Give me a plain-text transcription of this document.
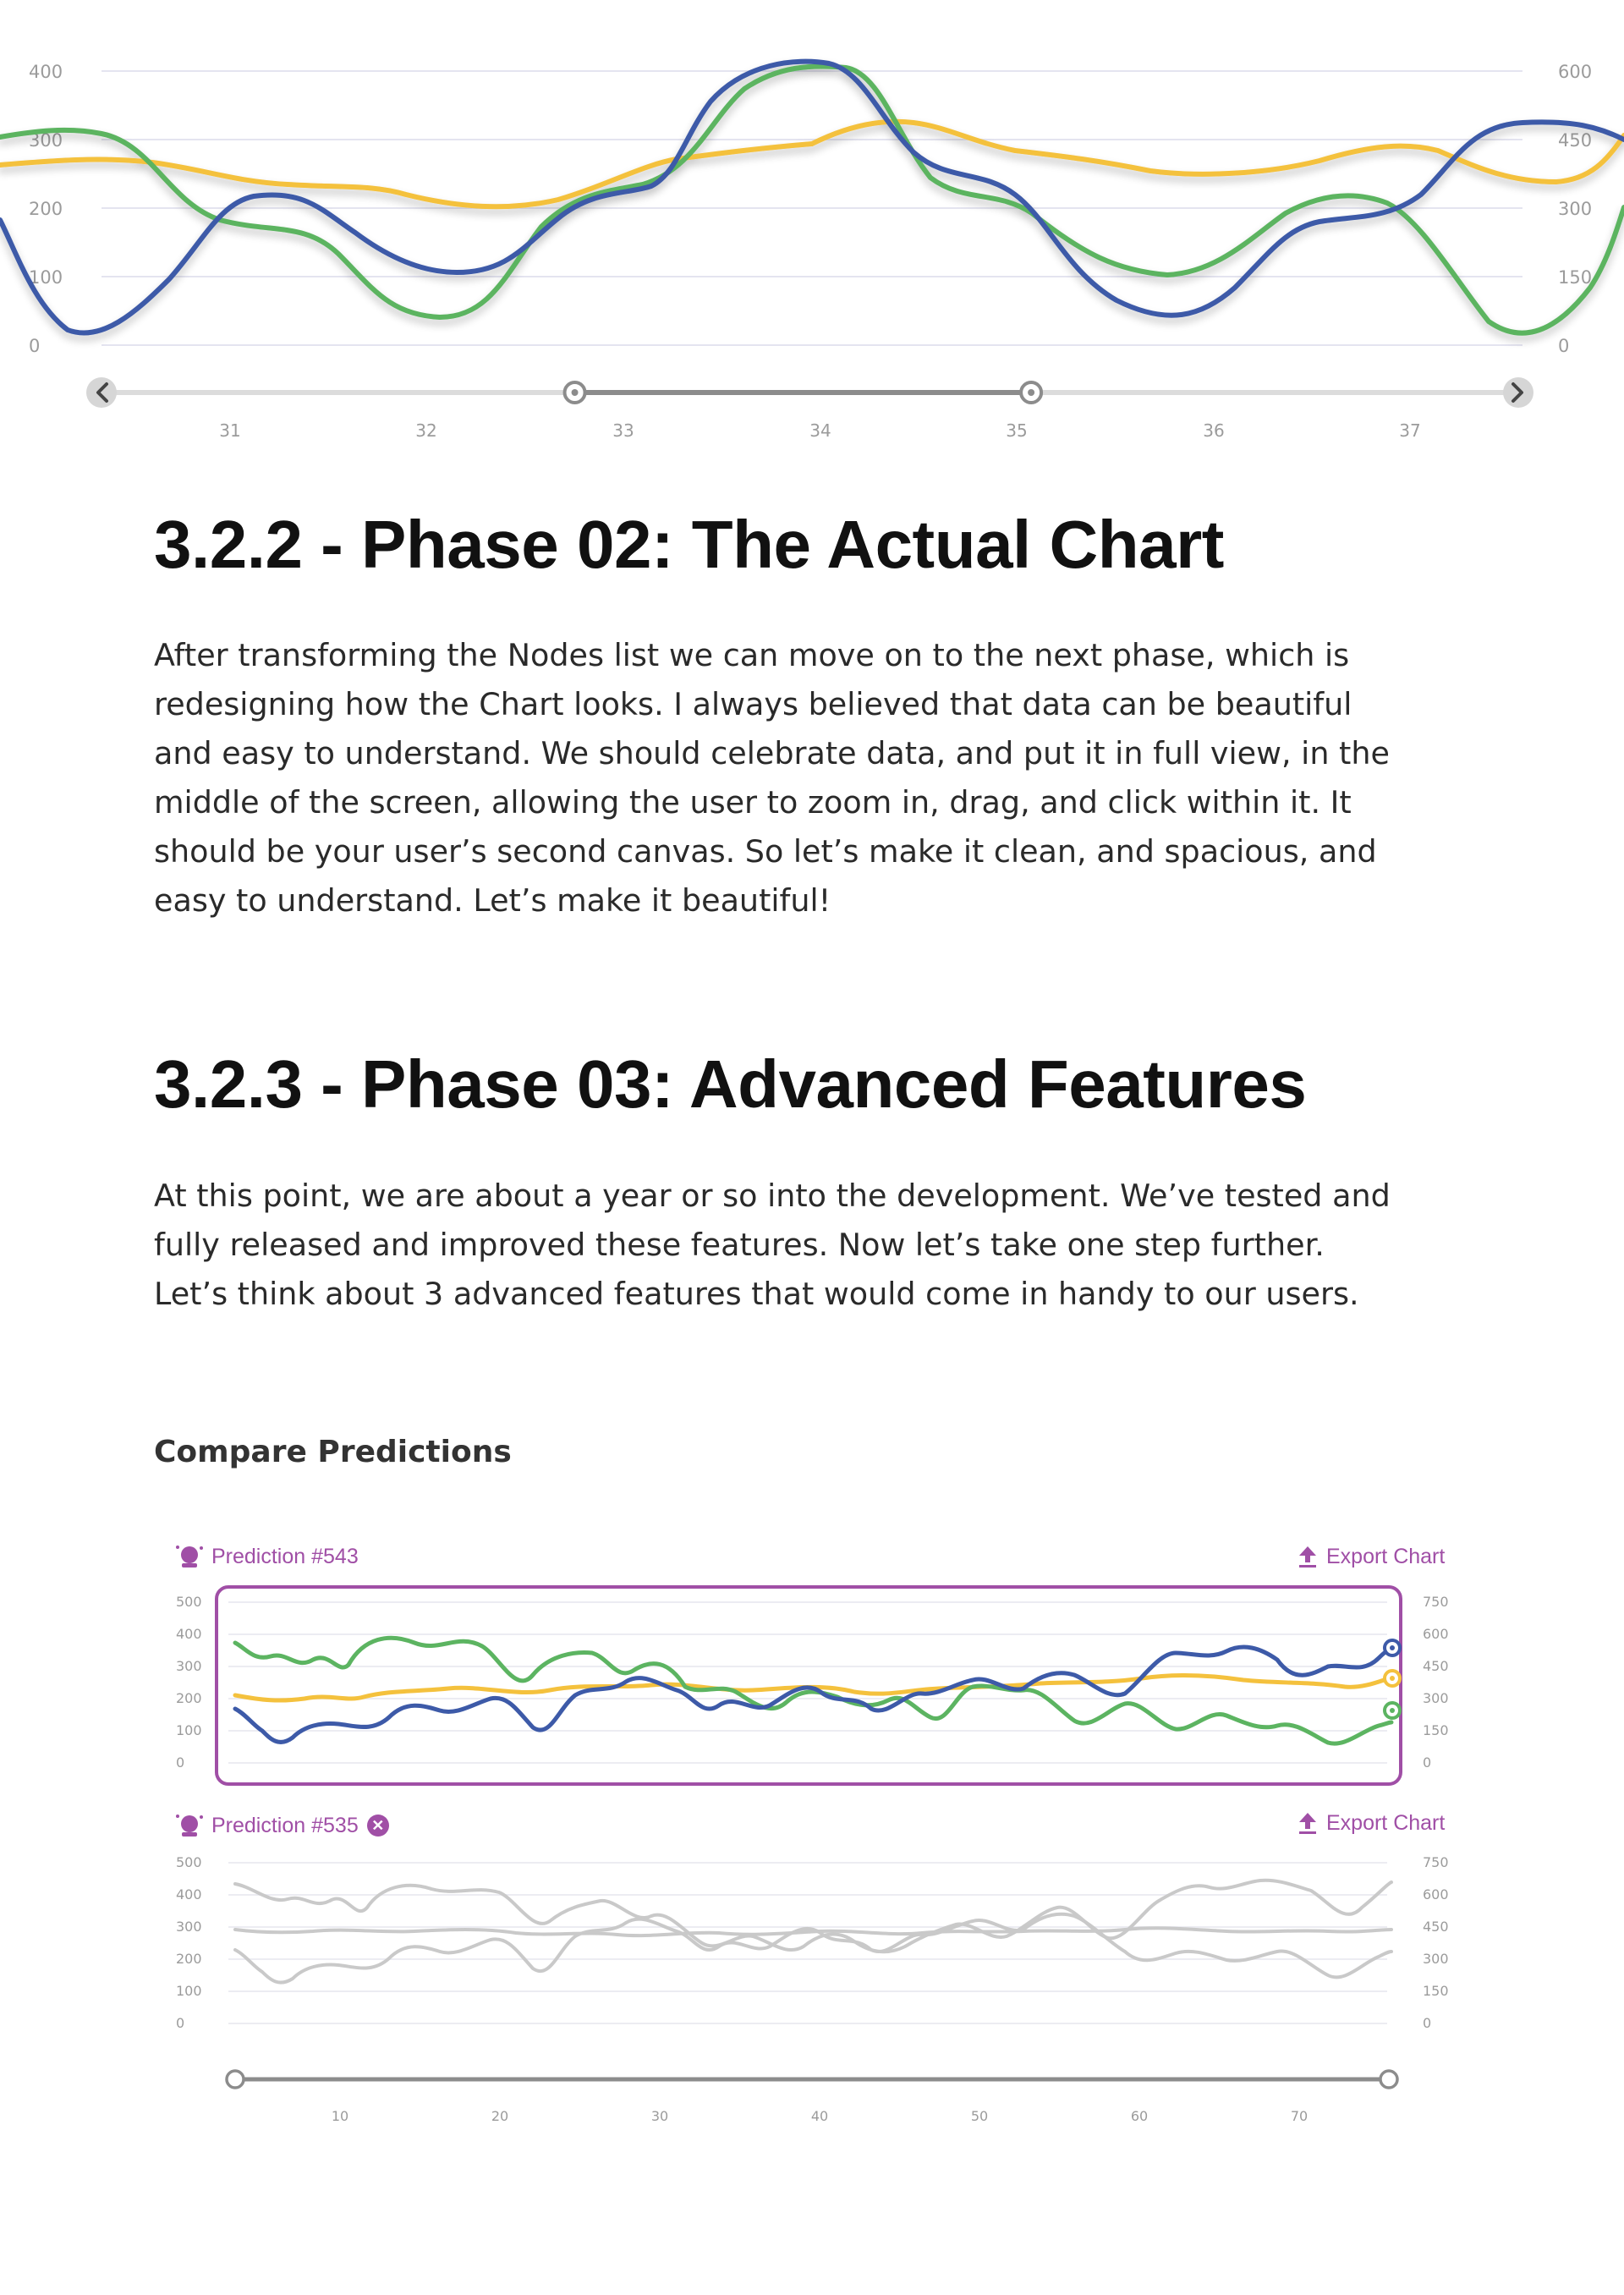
400
300
200
100
0
600
450
300
150
0
31	32	33	34	35	36	37
3.2.2 - Phase 02: The Actual Chart
After transforming the Nodes list we can move on to the next phase, which is
redesigning how the Chart looks. I always believed that data can be beautiful
and easy to understand. We should celebrate data, and put it in full view, in the
middle of the screen, allowing the user to zoom in, drag, and click within it. It
should be your user’s second canvas. So let’s make it clean, and spacious, and
easy to understand. Let’s make it beautiful!
3.2.3 - Phase 03: Advanced Features
At this point, we are about a year or so into the development. We’ve tested and
fully released and improved these features. Now let’s take one step further.
Let’s think about 3 advanced features that would come in handy to our users.
Compare Predictions
Prediction #543	Export Chart
500
400
300
200
100
0
750
600
450
300
150
0
Prediction #535 ✕	Export Chart
500
400
300
200
100
0
750
600
450
300
150
0
10	20	30	40	50	60	70
